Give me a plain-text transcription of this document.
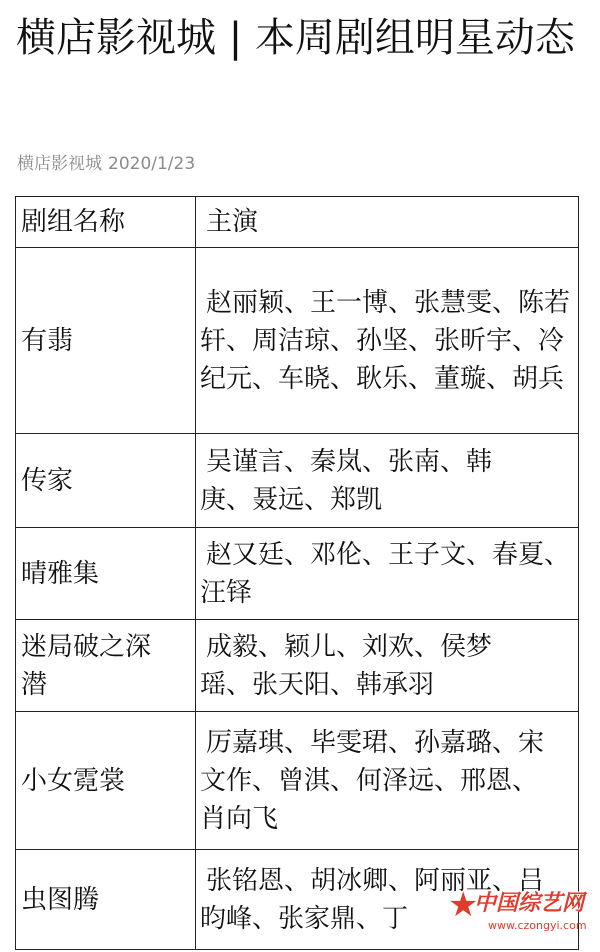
横店影视城 | 本周剧组明星动态
横店影视城 2020/1/23
剧组名称	主演
有翡	赵丽颖、王一博、张慧雯、陈若轩、周洁琼、孙坚、张昕宇、冷纪元、车晓、耿乐、董璇、胡兵

传家	吴谨言、秦岚、张南、韩庚、聂远、郑凯

晴雅集	赵又廷、邓伦、王子文、春夏、汪铎

迷局破之深潜	成毅、颖儿、刘欢、侯梦瑶、张天阳、韩承羽

小女霓裳	厉嘉琪、毕雯珺、孙嘉璐、宋文作、曾淇、何泽远、邢恩、肖向飞

虫图腾	张铭恩、胡冰卿、阿丽亚、吕昀峰、张家鼎、丁	★
中国综艺网
www.czongyi.com
